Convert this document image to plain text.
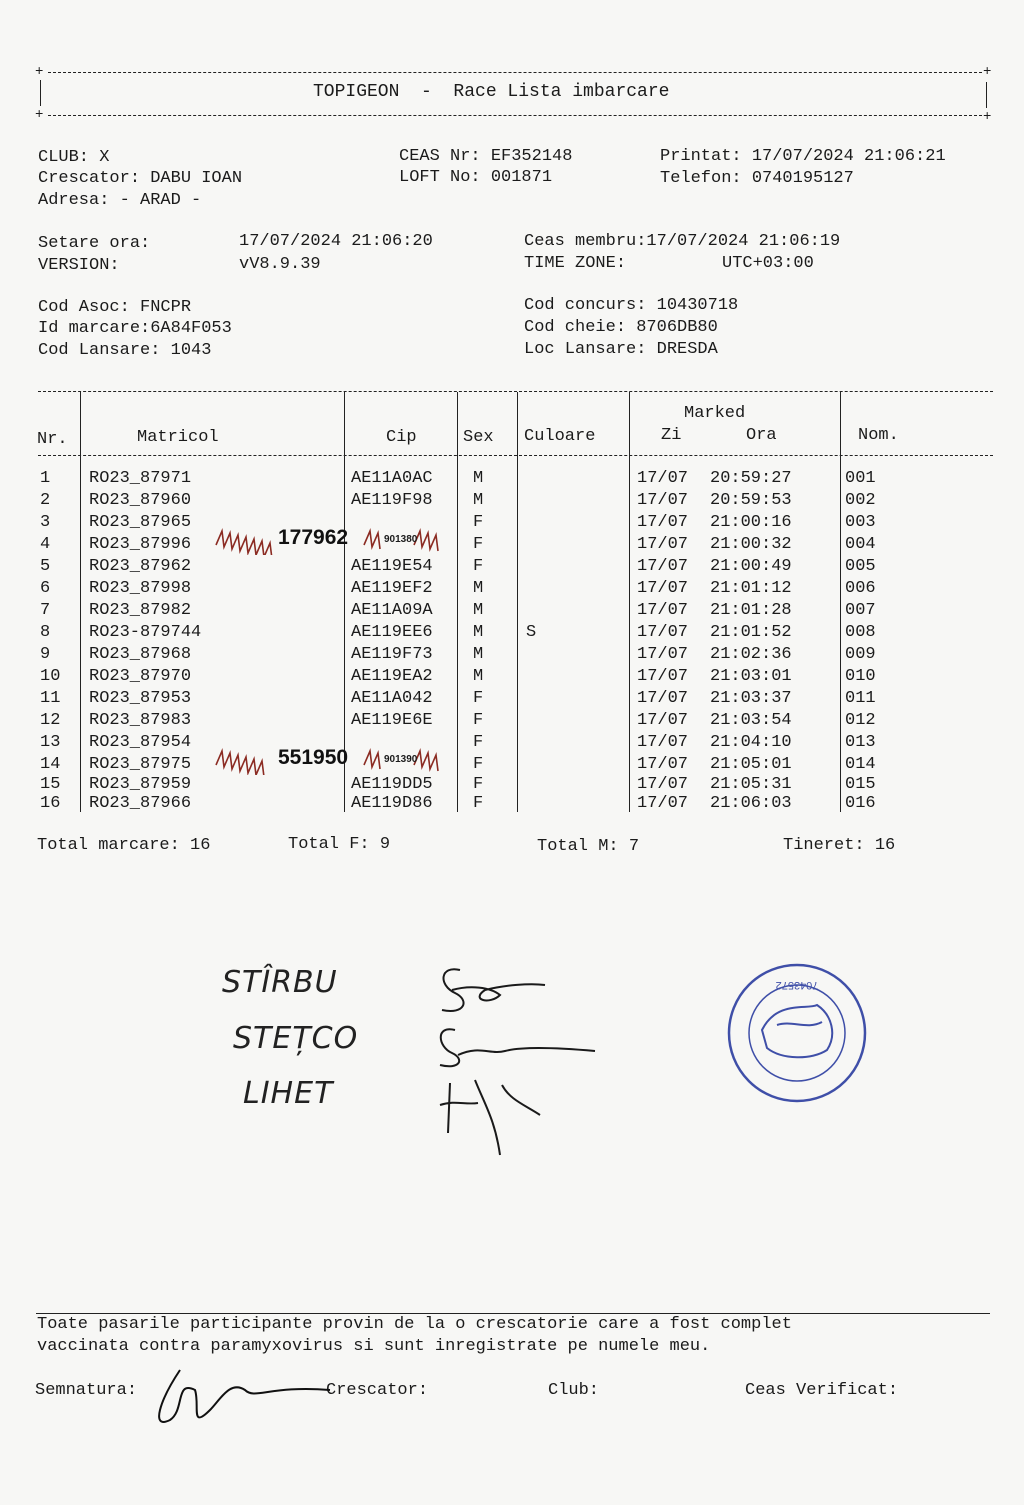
+	+
TOPIGEON  -  Race Lista imbarcare
+	+
CLUB: X
Crescator: DABU IOAN
Adresa: - ARAD -
CEAS Nr: EF352148
LOFT No: 001871
Printat: 17/07/2024 21:06:21
Telefon: 0740195127
Setare ora:	17/07/2024 21:06:20
VERSION:	vV8.9.39
Ceas membru:17/07/2024 21:06:19
TIME ZONE:	UTC+03:00
Cod Asoc: FNCPR
Id marcare:6A84F053
Cod Lansare: 1043
Cod concurs: 10430718
Cod cheie: 8706DB80
Loc Lansare: DRESDA
Nr.	Matricol	Cip	Sex Culoare
Marked
Zi	Ora	Nom.
1 RO23_87971	AE11A0AC M	17/07 20:59:27	001
2 RO23_87960	AE119F98 M	17/07 20:59:53	002
3 RO23_87965	F	17/07 21:00:16	003
4 RO23_87996	F	17/07 21:00:32	004
5 RO23_87962	AE119E54 F	17/07 21:00:49	005
6 RO23_87998	AE119EF2 M	17/07 21:01:12	006
7 RO23_87982	AE11A09A M	17/07 21:01:28	007
8 RO23-879744	AE119EE6 M	S	17/07 21:01:52	008
9 RO23_87968	AE119F73 M	17/07 21:02:36	009
10 RO23_87970	AE119EA2 M	17/07 21:03:01	010
11 RO23_87953	AE11A042 F	17/07 21:03:37	011
12 RO23_87983	AE119E6E F	17/07 21:03:54	012
13 RO23_87954	F	17/07 21:04:10	013
14 RO23_87975	F	17/07 21:05:01	014
15 RO23_87959	AE119DD5 F	17/07 21:05:31	015
16 RO23_87966	AE119D86 F	17/07 21:06:03	016
177962	901380
551950	901390
Total marcare: 16	Total F: 9	Total M: 7	Tineret: 16
STÎRBU
STEȚCO
LIHET
7043572
Toate pasarile participante provin de la o crescatorie care a fost complet
vaccinata contra paramyxovirus si sunt inregistrate pe numele meu.
Semnatura:	Crescator:	Club:	Ceas Verificat:
